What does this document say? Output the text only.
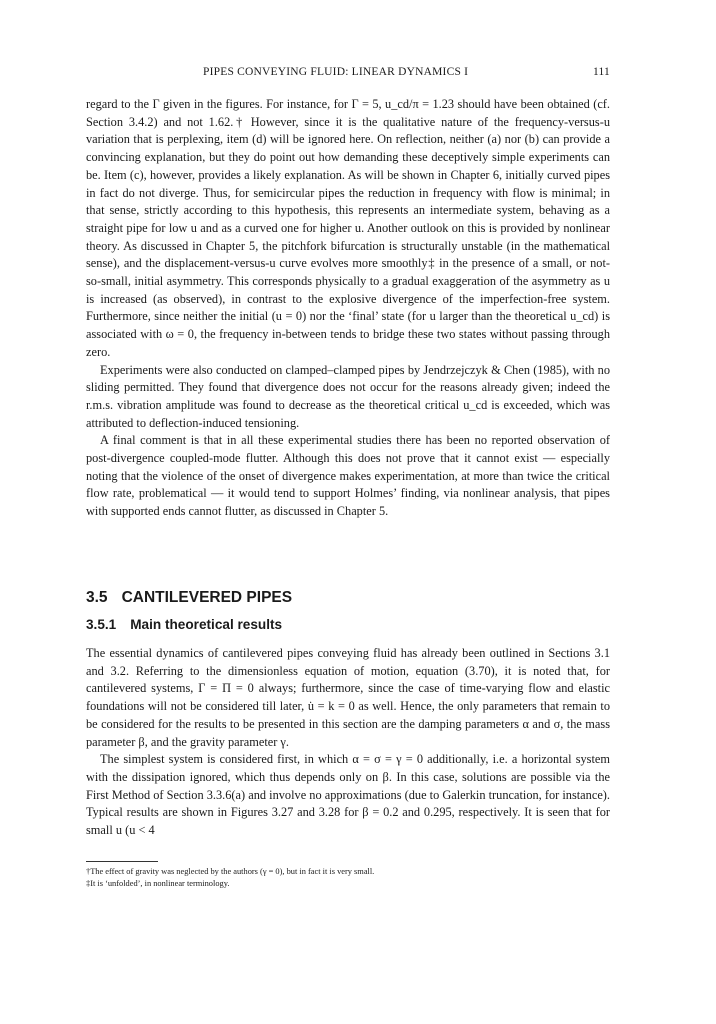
PIPES CONVEYING FLUID: LINEAR DYNAMICS I	111

regard to the Γ given in the figures. For instance, for Γ = 5, u_cd/π = 1.23 should have been obtained (cf. Section 3.4.2) and not 1.62.† However, since it is the qualitative nature of the frequency-versus-u variation that is perplexing, item (d) will be ignored here. On reflection, neither (a) nor (b) can provide a convincing explanation, but they do point out how demanding these deceptively simple experiments can be. Item (c), however, provides a likely explanation. As will be shown in Chapter 6, initially curved pipes in fact do not diverge. Thus, for semicircular pipes the reduction in frequency with flow is minimal; in that sense, strictly according to this hypothesis, this represents an intermediate system, behaving as a straight pipe for low u and as a curved one for higher u. Another outlook on this is provided by nonlinear theory. As discussed in Chapter 5, the pitchfork bifurcation is structurally unstable (in the mathematical sense), and the displacement-versus-u curve evolves more smoothly‡ in the presence of a small, or not-so-small, initial asymmetry. This corresponds physically to a gradual exaggeration of the asymmetry as u is increased (as observed), in contrast to the explosive divergence of the imperfection-free system. Furthermore, since neither the initial (u = 0) nor the ‘final’ state (for u larger than the theoretical u_cd) is associated with ω = 0, the frequency in-between tends to bridge these two states without passing through zero.

Experiments were also conducted on clamped–clamped pipes by Jendrzejczyk & Chen (1985), with no sliding permitted. They found that divergence does not occur for the reasons already given; indeed the r.m.s. vibration amplitude was found to decrease as the theoretical critical u_cd is exceeded, which was attributed to deflection-induced tensioning.

A final comment is that in all these experimental studies there has been no reported observation of post-divergence coupled-mode flutter. Although this does not prove that it cannot exist — especially noting that the violence of the onset of divergence makes experimentation, at more than twice the critical flow rate, problematical — it would tend to support Holmes’ finding, via nonlinear analysis, that pipes with supported ends cannot flutter, as discussed in Chapter 5.

3.5 CANTILEVERED PIPES
3.5.1 Main theoretical results

The essential dynamics of cantilevered pipes conveying fluid has already been outlined in Sections 3.1 and 3.2. Referring to the dimensionless equation of motion, equation (3.70), it is noted that, for cantilevered systems, Γ = Π = 0 always; furthermore, since the case of time-varying flow and elastic foundations will not be considered till later, u̇ = k = 0 as well. Hence, the only parameters that remain to be considered for the results to be presented in this section are the damping parameters α and σ, the mass parameter β, and the gravity parameter γ.

The simplest system is considered first, in which α = σ = γ = 0 additionally, i.e. a horizontal system with the dissipation ignored, which thus depends only on β. In this case, solutions are possible via the First Method of Section 3.3.6(a) and involve no approximations (due to Galerkin truncation, for instance). Typical results are shown in Figures 3.27 and 3.28 for β = 0.2 and 0.295, respectively. It is seen that for small u (u < 4

†The effect of gravity was neglected by the authors (γ = 0), but in fact it is very small.
‡It is ‘unfolded’, in nonlinear terminology.
